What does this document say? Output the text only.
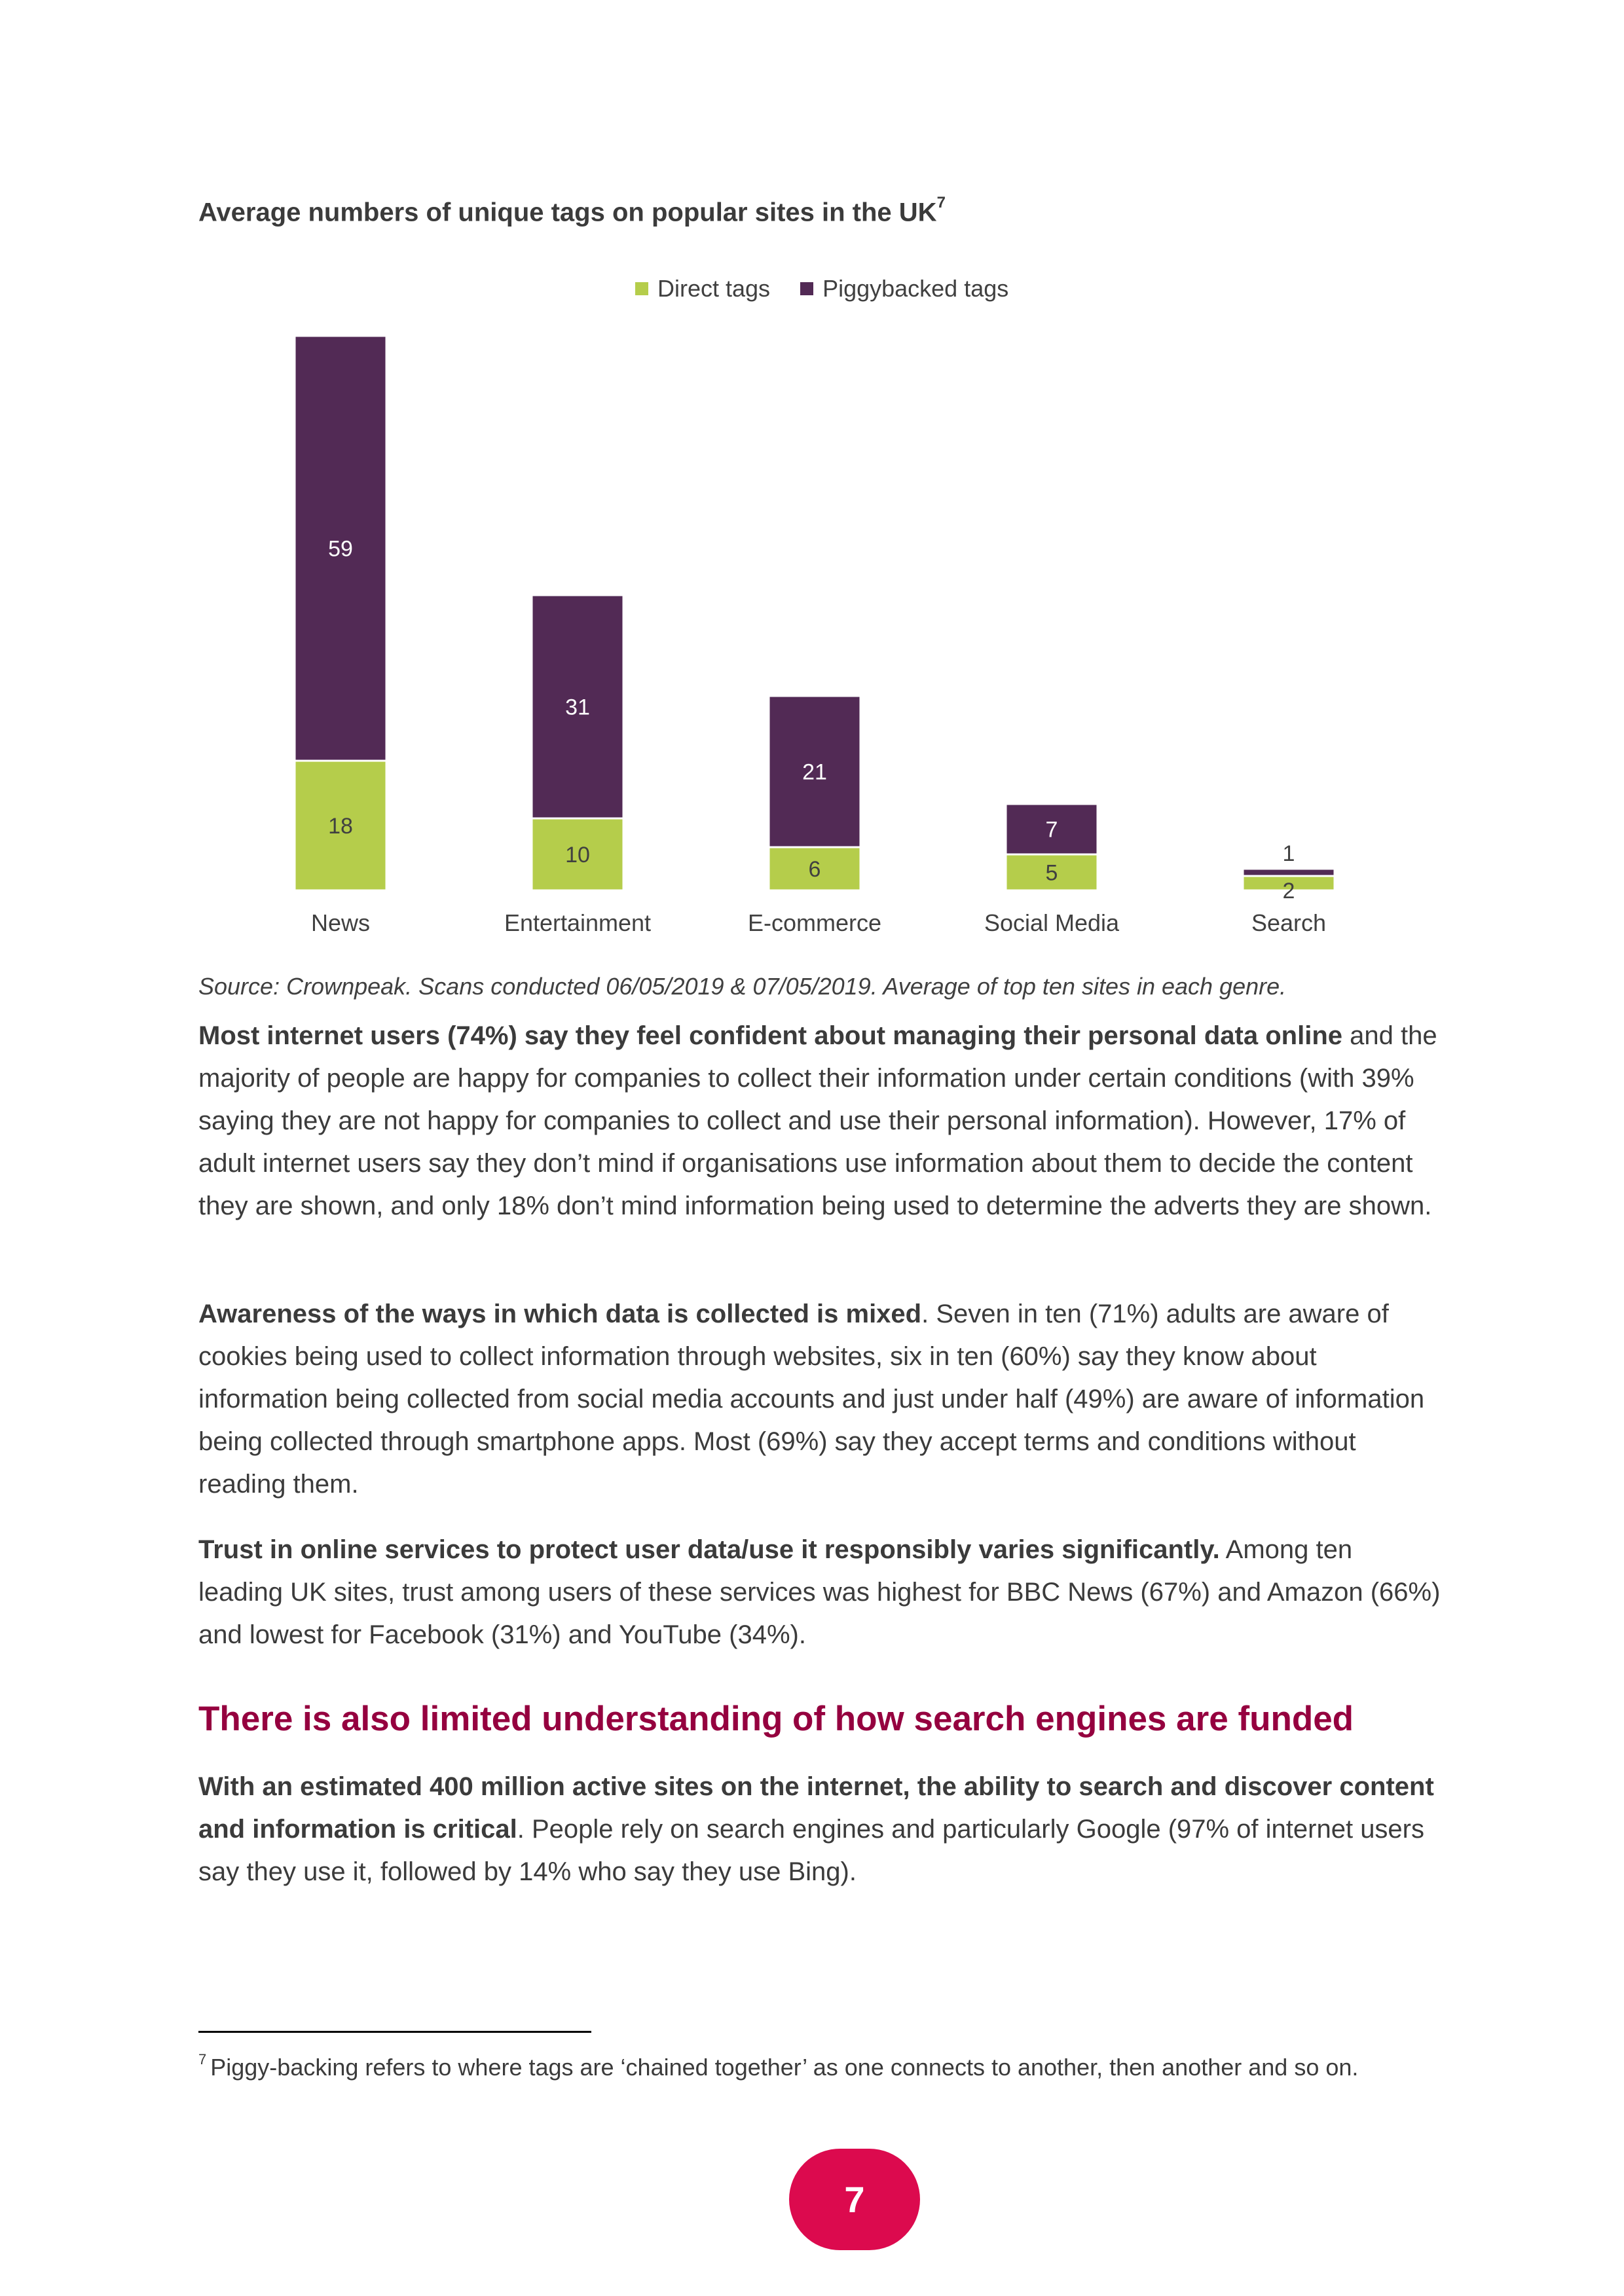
Average numbers of unique tags on popular sites in the $UK^7$
Direct tags Piggybacked tags
18
59
News
10
31
Entertainment
6
21
E-commerce
5
7
Social Media
2
1
Search

Source: Crownpeak. Scans conducted 06/05/2019 & 07/05/2019. Average of top ten sites in each genre.

Most internet users (74%) say they feel confident about managing their personal data online and the majority of people are happy for companies to collect their information under certain conditions (with 39% saying they are not happy for companies to collect and use their personal information). However, 17% of adult internet users say they don’t mind if organisations use information about them to decide the content they are shown, and only 18% don’t mind information being used to determine the adverts they are shown.

Awareness of the ways in which data is collected is mixed. Seven in ten (71%) adults are aware of cookies being used to collect information through websites, six in ten (60%) say they know about information being collected from social media accounts and just under half (49%) are aware of information being collected through smartphone apps. Most (69%) say they accept terms and conditions without reading them.

Trust in online services to protect user data/use it responsibly varies significantly. Among ten leading UK sites, trust among users of these services was highest for BBC News (67%) and Amazon (66%) and lowest for Facebook (31%) and YouTube (34%).

There is also limited understanding of how search engines are funded

With an estimated 400 million active sites on the internet, the ability to search and discover content and information is critical. People rely on search engines and particularly Google (97% of internet users say they use it, followed by 14% who say they use Bing).

$^7$ Piggy-backing refers to where tags are ‘chained together’ as one connects to another, then another and so on.

7
